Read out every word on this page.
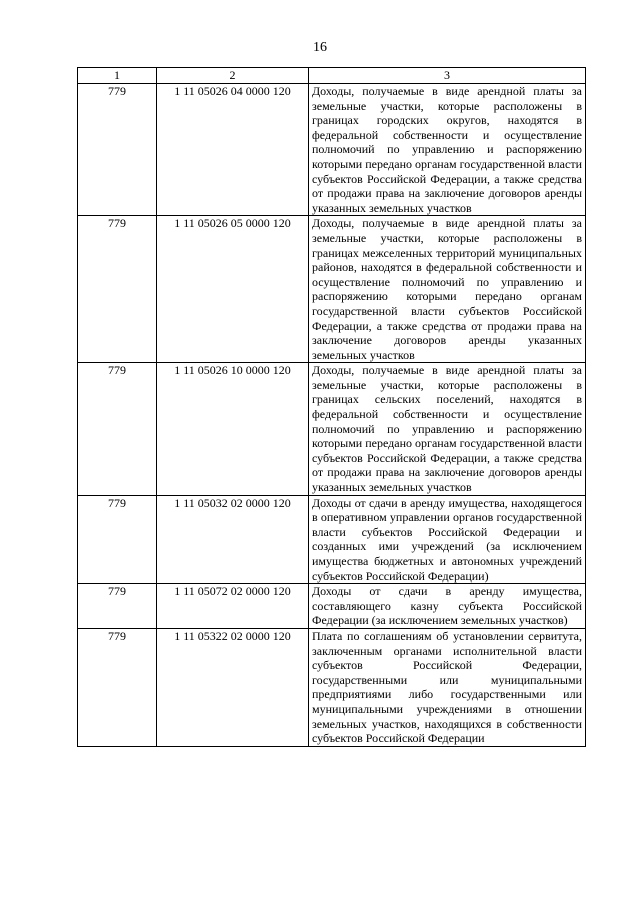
16
1	2	3
779	1 11 05026 04 0000 120	Доходы, получаемые в виде арендной платы за земельные участки, которые расположены в границах городских округов, находятся в федеральной собственности и осуществление полномочий по управлению и распоряжению которыми передано органам государственной власти субъектов Российской Федерации, а также средства от продажи права на заключение договоров аренды указанных земельных участков
779	1 11 05026 05 0000 120	Доходы, получаемые в виде арендной платы за земельные участки, которые расположены в границах межселенных территорий муниципальных районов, находятся в федеральной собственности и осуществление полномочий по управлению и распоряжению которыми передано органам государственной власти субъектов Российской Федерации, а также средства от продажи права на заключение договоров аренды указанных земельных участков
779	1 11 05026 10 0000 120	Доходы, получаемые в виде арендной платы за земельные участки, которые расположены в границах сельских поселений, находятся в федеральной собственности и осуществление полномочий по управлению и распоряжению которыми передано органам государственной власти субъектов Российской Федерации, а также средства от продажи права на заключение договоров аренды указанных земельных участков
779	1 11 05032 02 0000 120	Доходы от сдачи в аренду имущества, находящегося в оперативном управлении органов государственной власти субъектов Российской Федерации и созданных ими учреждений (за исключением имущества бюджетных и автономных учреждений субъектов Российской Федерации)
779	1 11 05072 02 0000 120	Доходы от сдачи в аренду имущества, составляющего казну субъекта Российской Федерации (за исключением земельных участков)
779	1 11 05322 02 0000 120	Плата по соглашениям об установлении сервитута, заключенным органами исполнительной власти субъектов Российской Федерации, государственными или муниципальными предприятиями либо государственными или муниципальными учреждениями в отношении земельных участков, находящихся в собственности субъектов Российской Федерации
